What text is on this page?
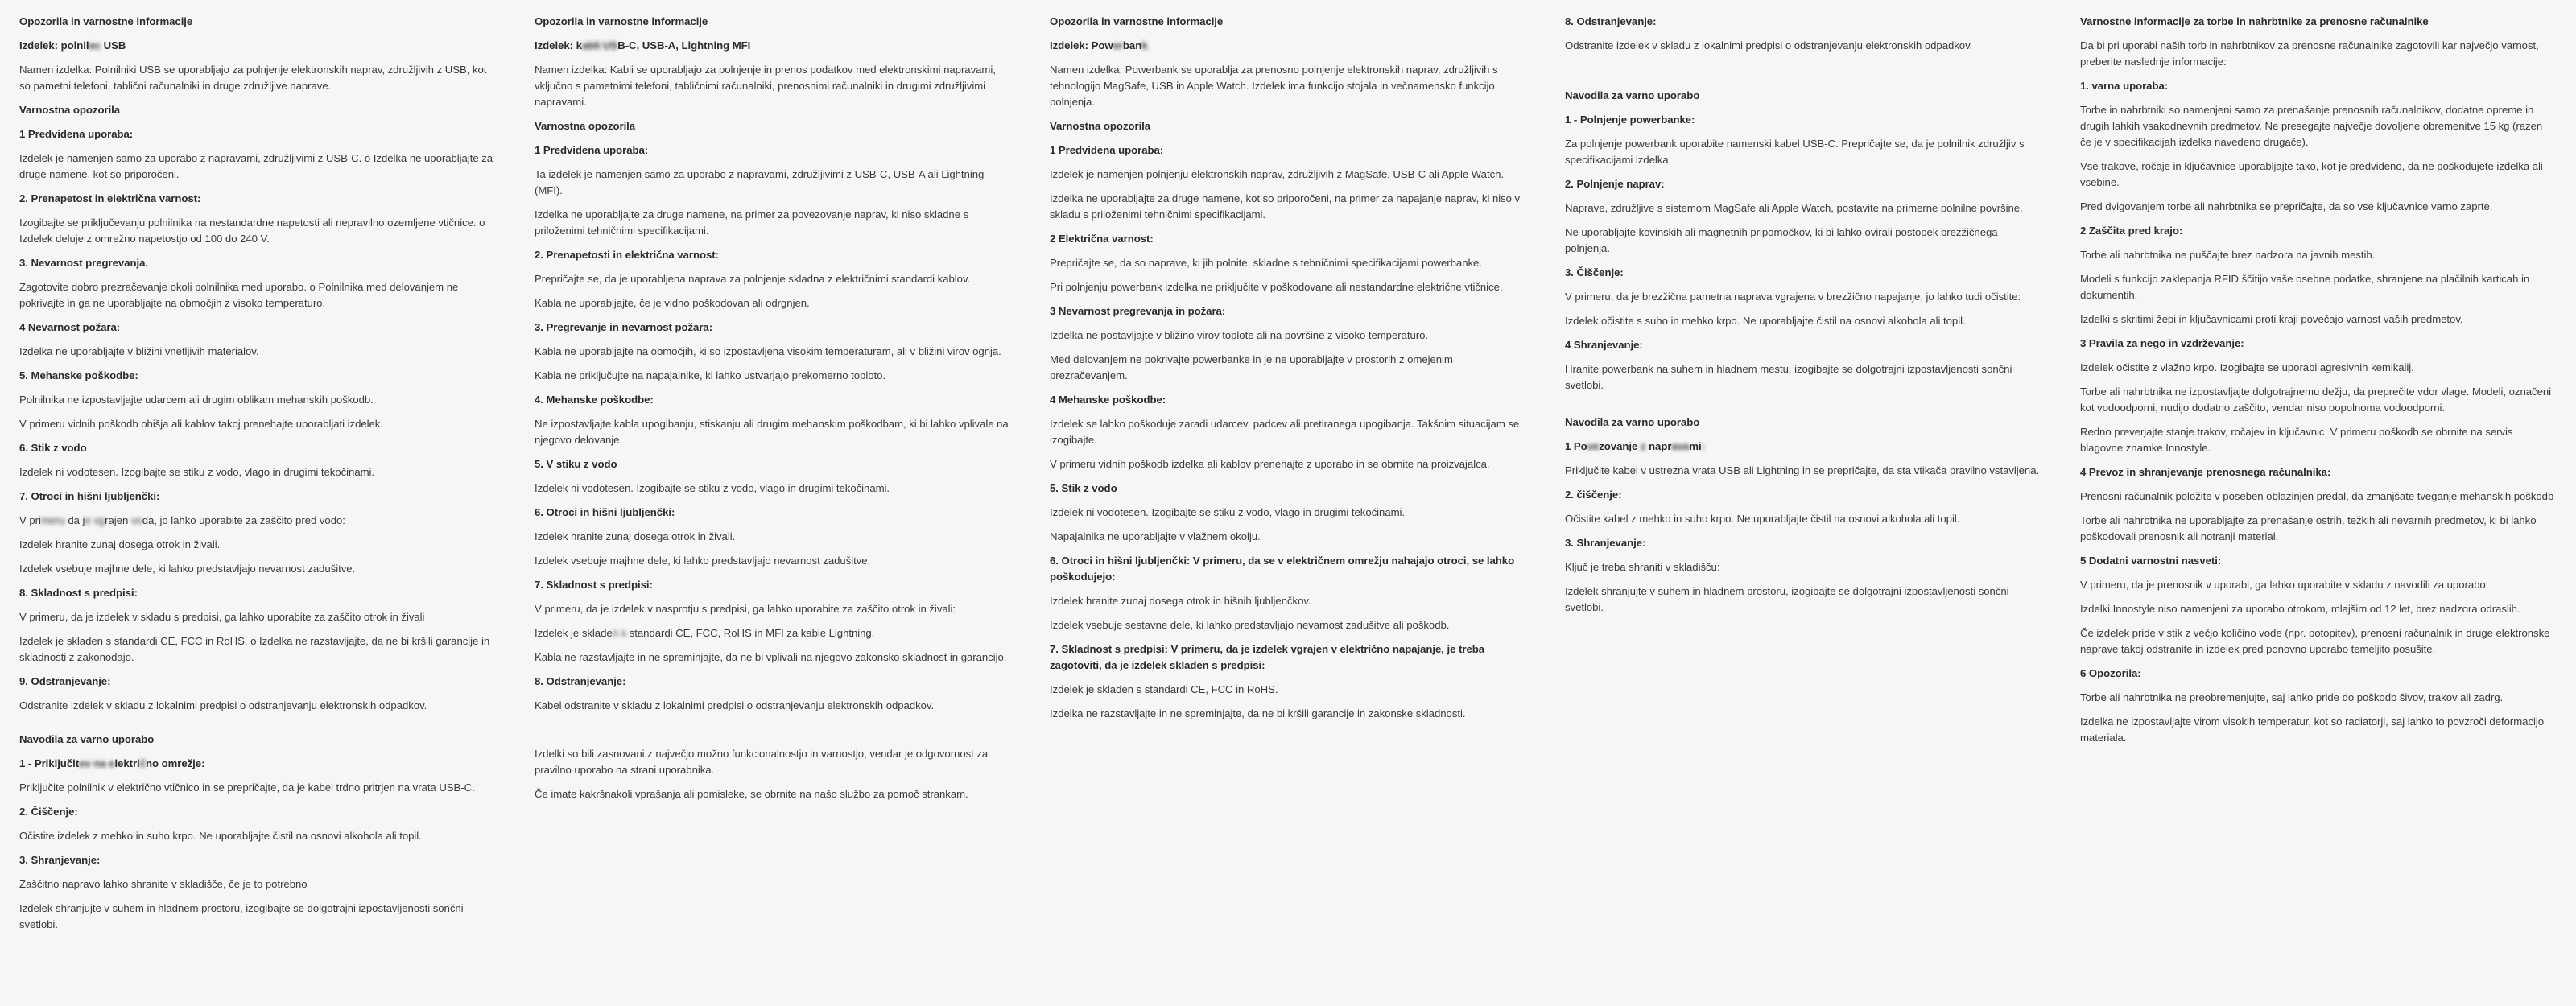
Opozorila in varnostne informacije
Izdelek: polnilec USB
Namen izdelka: Polnilniki USB se uporabljajo za polnjenje elektronskih naprav, združljivih z USB, kot so pametni telefoni, tablični računalniki in druge združljive naprave.
Varnostna opozorila
1 Predvidena uporaba:
Izdelek je namenjen samo za uporabo z napravami, združljivimi z USB-C. o Izdelka ne uporabljajte za druge namene, kot so priporočeni.
2. Prenapetost in električna varnost:
Izogibajte se priključevanju polnilnika na nestandardne napetosti ali nepravilno ozemljene vtičnice. o Izdelek deluje z omrežno napetostjo od 100 do 240 V.
3. Nevarnost pregrevanja.
Zagotovite dobro prezračevanje okoli polnilnika med uporabo. o Polnilnika med delovanjem ne pokrivajte in ga ne uporabljajte na območjih z visoko temperaturo.
4 Nevarnost požara:
Izdelka ne uporabljajte v bližini vnetljivih materialov.
5. Mehanske poškodbe:
Polnilnika ne izpostavljajte udarcem ali drugim oblikam mehanskih poškodb.
V primeru vidnih poškodb ohišja ali kablov takoj prenehajte uporabljati izdelek.
6. Stik z vodo
Izdelek ni vodotesen. Izogibajte se stiku z vodo, vlago in drugimi tekočinami.
7. Otroci in hišni ljubljenčki:
V primeru da je vgrajen voda, jo lahko uporabite za zaščito pred vodo:
Izdelek hranite zunaj dosega otrok in živali.
Izdelek vsebuje majhne dele, ki lahko predstavljajo nevarnost zadušitve.
8. Skladnost s predpisi:
V primeru, da je izdelek v skladu s predpisi, ga lahko uporabite za zaščito otrok in živali
Izdelek je skladen s standardi CE, FCC in RoHS. o Izdelka ne razstavljajte, da ne bi kršili garancije in skladnosti z zakonodajo.
9. Odstranjevanje:
Odstranite izdelek v skladu z lokalnimi predpisi o odstranjevanju elektronskih odpadkov.
Navodila za varno uporabo
1 - Priključitev na električno omrežje:
Priključite polnilnik v električno vtičnico in se prepričajte, da je kabel trdno pritrjen na vrata USB-C.
2. Čiščenje:
Očistite izdelek z mehko in suho krpo. Ne uporabljajte čistil na osnovi alkohola ali topil.
3. Shranjevanje:
Zaščitno napravo lahko shranite v skladišče, če je to potrebno
Izdelek shranjujte v suhem in hladnem prostoru, izogibajte se dolgotrajni izpostavljenosti sončni svetlobi.
Opozorila in varnostne informacije
Izdelek: kabli USB-C, USB-A, Lightning MFI
Namen izdelka: Kabli se uporabljajo za polnjenje in prenos podatkov med elektronskimi napravami, vključno s pametnimi telefoni, tabličnimi računalniki, prenosnimi računalniki in drugimi združljivimi napravami.
Varnostna opozorila
1 Predvidena uporaba:
Ta izdelek je namenjen samo za uporabo z napravami, združljivimi z USB-C, USB-A ali Lightning (MFI).
Izdelka ne uporabljajte za druge namene, na primer za povezovanje naprav, ki niso skladne s priloženimi tehničnimi specifikacijami.
2. Prenapetosti in električna varnost:
Prepričajte se, da je uporabljena naprava za polnjenje skladna z električnimi standardi kablov.
Kabla ne uporabljajte, če je vidno poškodovan ali odrgnjen.
3. Pregrevanje in nevarnost požara:
Kabla ne uporabljajte na območjih, ki so izpostavljena visokim temperaturam, ali v bližini virov ognja.
Kabla ne priključujte na napajalnike, ki lahko ustvarjajo prekomerno toploto.
4. Mehanske poškodbe:
Ne izpostavljajte kabla upogibanju, stiskanju ali drugim mehanskim poškodbam, ki bi lahko vplivale na njegovo delovanje.
5. V stiku z vodo
Izdelek ni vodotesen. Izogibajte se stiku z vodo, vlago in drugimi tekočinami.
6. Otroci in hišni ljubljenčki:
Izdelek hranite zunaj dosega otrok in živali.
Izdelek vsebuje majhne dele, ki lahko predstavljajo nevarnost zadušitve.
7. Skladnost s predpisi:
V primeru, da je izdelek v nasprotju s predpisi, ga lahko uporabite za zaščito otrok in živali:
Izdelek je skladen s standardi CE, FCC, RoHS in MFI za kable Lightning.
Kabla ne razstavljajte in ne spreminjajte, da ne bi vplivali na njegovo zakonsko skladnost in garancijo.
8. Odstranjevanje:
Kabel odstranite v skladu z lokalnimi predpisi o odstranjevanju elektronskih odpadkov.
Izdelki so bili zasnovani z največjo možno funkcionalnostjo in varnostjo, vendar je odgovornost za pravilno uporabo na strani uporabnika.
Če imate kakršnakoli vprašanja ali pomisleke, se obrnite na našo službo za pomoč strankam.
Opozorila in varnostne informacije
Izdelek: Powerbank
Namen izdelka: Powerbank se uporablja za prenosno polnjenje elektronskih naprav, združljivih s tehnologijo MagSafe, USB in Apple Watch. Izdelek ima funkcijo stojala in večnamensko funkcijo polnjenja.
Varnostna opozorila
1 Predvidena uporaba:
Izdelek je namenjen polnjenju elektronskih naprav, združljivih z MagSafe, USB-C ali Apple Watch.
Izdelka ne uporabljajte za druge namene, kot so priporočeni, na primer za napajanje naprav, ki niso v skladu s priloženimi tehničnimi specifikacijami.
2 Električna varnost:
Prepričajte se, da so naprave, ki jih polnite, skladne s tehničnimi specifikacijami powerbanke.
Pri polnjenju powerbank izdelka ne priključite v poškodovane ali nestandardne električne vtičnice.
3 Nevarnost pregrevanja in požara:
Izdelka ne postavljajte v bližino virov toplote ali na površine z visoko temperaturo.
Med delovanjem ne pokrivajte powerbanke in je ne uporabljajte v prostorih z omejenim prezračevanjem.
4 Mehanske poškodbe:
Izdelek se lahko poškoduje zaradi udarcev, padcev ali pretiranega upogibanja. Takšnim situacijam se izogibajte.
V primeru vidnih poškodb izdelka ali kablov prenehajte z uporabo in se obrnite na proizvajalca.
5. Stik z vodo
Izdelek ni vodotesen. Izogibajte se stiku z vodo, vlago in drugimi tekočinami.
Napajalnika ne uporabljajte v vlažnem okolju.
6. Otroci in hišni ljubljenčki: V primeru, da se v električnem omrežju nahajajo otroci, se lahko poškodujejo:
Izdelek hranite zunaj dosega otrok in hišnih ljubljenčkov.
Izdelek vsebuje sestavne dele, ki lahko predstavljajo nevarnost zadušitve ali poškodb.
7. Skladnost s predpisi: V primeru, da je izdelek vgrajen v električno napajanje, je treba zagotoviti, da je izdelek skladen s predpisi:
Izdelek je skladen s standardi CE, FCC in RoHS.
Izdelka ne razstavljajte in ne spreminjajte, da ne bi kršili garancije in zakonske skladnosti.
8. Odstranjevanje:
Odstranite izdelek v skladu z lokalnimi predpisi o odstranjevanju elektronskih odpadkov.
Navodila za varno uporabo
1 - Polnjenje powerbanke:
Za polnjenje powerbank uporabite namenski kabel USB-C. Prepričajte se, da je polnilnik združljiv s specifikacijami izdelka.
2. Polnjenje naprav:
Naprave, združljive s sistemom MagSafe ali Apple Watch, postavite na primerne polnilne površine.
Ne uporabljajte kovinskih ali magnetnih pripomočkov, ki bi lahko ovirali postopek brezžičnega polnjenja.
3. Čiščenje:
V primeru, da je brezžična pametna naprava vgrajena v brezžično napajanje, jo lahko tudi očistite:
Izdelek očistite s suho in mehko krpo. Ne uporabljajte čistil na osnovi alkohola ali topil.
4 Shranjevanje:
Hranite powerbank na suhem in hladnem mestu, izogibajte se dolgotrajni izpostavljenosti sončni svetlobi.
Navodila za varno uporabo
1 Povezovanje z napravami:
Priključite kabel v ustrezna vrata USB ali Lightning in se prepričajte, da sta vtikača pravilno vstavljena.
2. čiščenje:
Očistite kabel z mehko in suho krpo. Ne uporabljajte čistil na osnovi alkohola ali topil.
3. Shranjevanje:
Ključ je treba shraniti v skladišču:
Izdelek shranjujte v suhem in hladnem prostoru, izogibajte se dolgotrajni izpostavljenosti sončni svetlobi.
Varnostne informacije za torbe in nahrbtnike za prenosne računalnike
Da bi pri uporabi naših torb in nahrbtnikov za prenosne računalnike zagotovili kar največjo varnost, preberite naslednje informacije:
1. varna uporaba:
Torbe in nahrbtniki so namenjeni samo za prenašanje prenosnih računalnikov, dodatne opreme in drugih lahkih vsakodnevnih predmetov. Ne presegajte največje dovoljene obremenitve 15 kg (razen če je v specifikacijah izdelka navedeno drugače).
Vse trakove, ročaje in ključavnice uporabljajte tako, kot je predvideno, da ne poškodujete izdelka ali vsebine.
Pred dvigovanjem torbe ali nahrbtnika se prepričajte, da so vse ključavnice varno zaprte.
2 Zaščita pred krajo:
Torbe ali nahrbtnika ne puščajte brez nadzora na javnih mestih.
Modeli s funkcijo zaklepanja RFID ščitijo vaše osebne podatke, shranjene na plačilnih karticah in dokumentih.
Izdelki s skritimi žepi in ključavnicami proti kraji povečajo varnost vaših predmetov.
3 Pravila za nego in vzdrževanje:
Izdelek očistite z vlažno krpo. Izogibajte se uporabi agresivnih kemikalij.
Torbe ali nahrbtnika ne izpostavljajte dolgotrajnemu dežju, da preprečite vdor vlage. Modeli, označeni kot vodoodporni, nudijo dodatno zaščito, vendar niso popolnoma vodoodporni.
Redno preverjajte stanje trakov, ročajev in ključavnic. V primeru poškodb se obrnite na servis blagovne znamke Innostyle.
4 Prevoz in shranjevanje prenosnega računalnika:
Prenosni računalnik položite v poseben oblazinjen predal, da zmanjšate tveganje mehanskih poškodb
Torbe ali nahrbtnika ne uporabljajte za prenašanje ostrih, težkih ali nevarnih predmetov, ki bi lahko poškodovali prenosnik ali notranji material.
5 Dodatni varnostni nasveti:
V primeru, da je prenosnik v uporabi, ga lahko uporabite v skladu z navodili za uporabo:
Izdelki Innostyle niso namenjeni za uporabo otrokom, mlajšim od 12 let, brez nadzora odraslih.
Če izdelek pride v stik z večjo količino vode (npr. potopitev), prenosni računalnik in druge elektronske naprave takoj odstranite in izdelek pred ponovno uporabo temeljito posušite.
6 Opozorila:
Torbe ali nahrbtnika ne preobremenjujte, saj lahko pride do poškodb šivov, trakov ali zadrg.
Izdelka ne izpostavljajte virom visokih temperatur, kot so radiatorji, saj lahko to povzroči deformacijo materiala.
